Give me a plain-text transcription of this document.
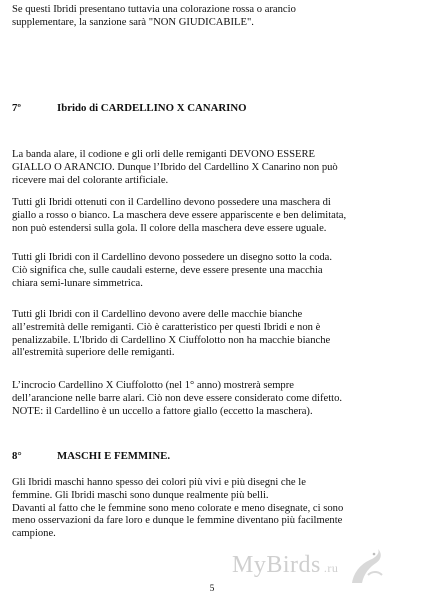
Se questi Ibridi presentano tuttavia una colorazione rossa o arancio
supplementare, la sanzione sarà "NON GIUDICABILE".
7º	Ibrido di CARDELLINO X CANARINO
La banda alare, il codione e gli orli delle remiganti DEVONO ESSERE
GIALLO O ARANCIO. Dunque l’Ibrido del Cardellino X Canarino non può
ricevere mai del colorante artificiale.
Tutti gli Ibridi ottenuti con il Cardellino devono possedere una maschera di
giallo a rosso o bianco. La maschera deve essere appariscente e ben delimitata,
non può estendersi sulla gola. Il colore della maschera deve essere uguale.
Tutti gli Ibridi con il Cardellino devono possedere un disegno sotto la coda.
Ciò significa che, sulle caudali esterne, deve essere presente una macchia
chiara semi-lunare simmetrica.
Tutti gli Ibridi con il Cardellino devono avere delle macchie bianche
all’estremità delle remiganti. Ciò è caratteristico per questi Ibridi e non è
penalizzabile. L'Ibrido di Cardellino X Ciuffolotto non ha macchie bianche
all'estremità superiore delle remiganti.
L’incrocio Cardellino X Ciuffolotto (nel 1° anno) mostrerà sempre
dell’arancione nelle barre alari. Ciò non deve essere considerato come difetto.
NOTE: il Cardellino è un uccello a fattore giallo (eccetto la maschera).
8°	MASCHI E FEMMINE.
Gli Ibridi maschi hanno spesso dei colori più vivi e più disegni che le
femmine. Gli Ibridi maschi sono dunque realmente più belli.
Davanti al fatto che le femmine sono meno colorate e meno disegnate, ci sono
meno osservazioni da fare loro e dunque le femmine diventano più facilmente
campione.
MyBirds .ru
5
